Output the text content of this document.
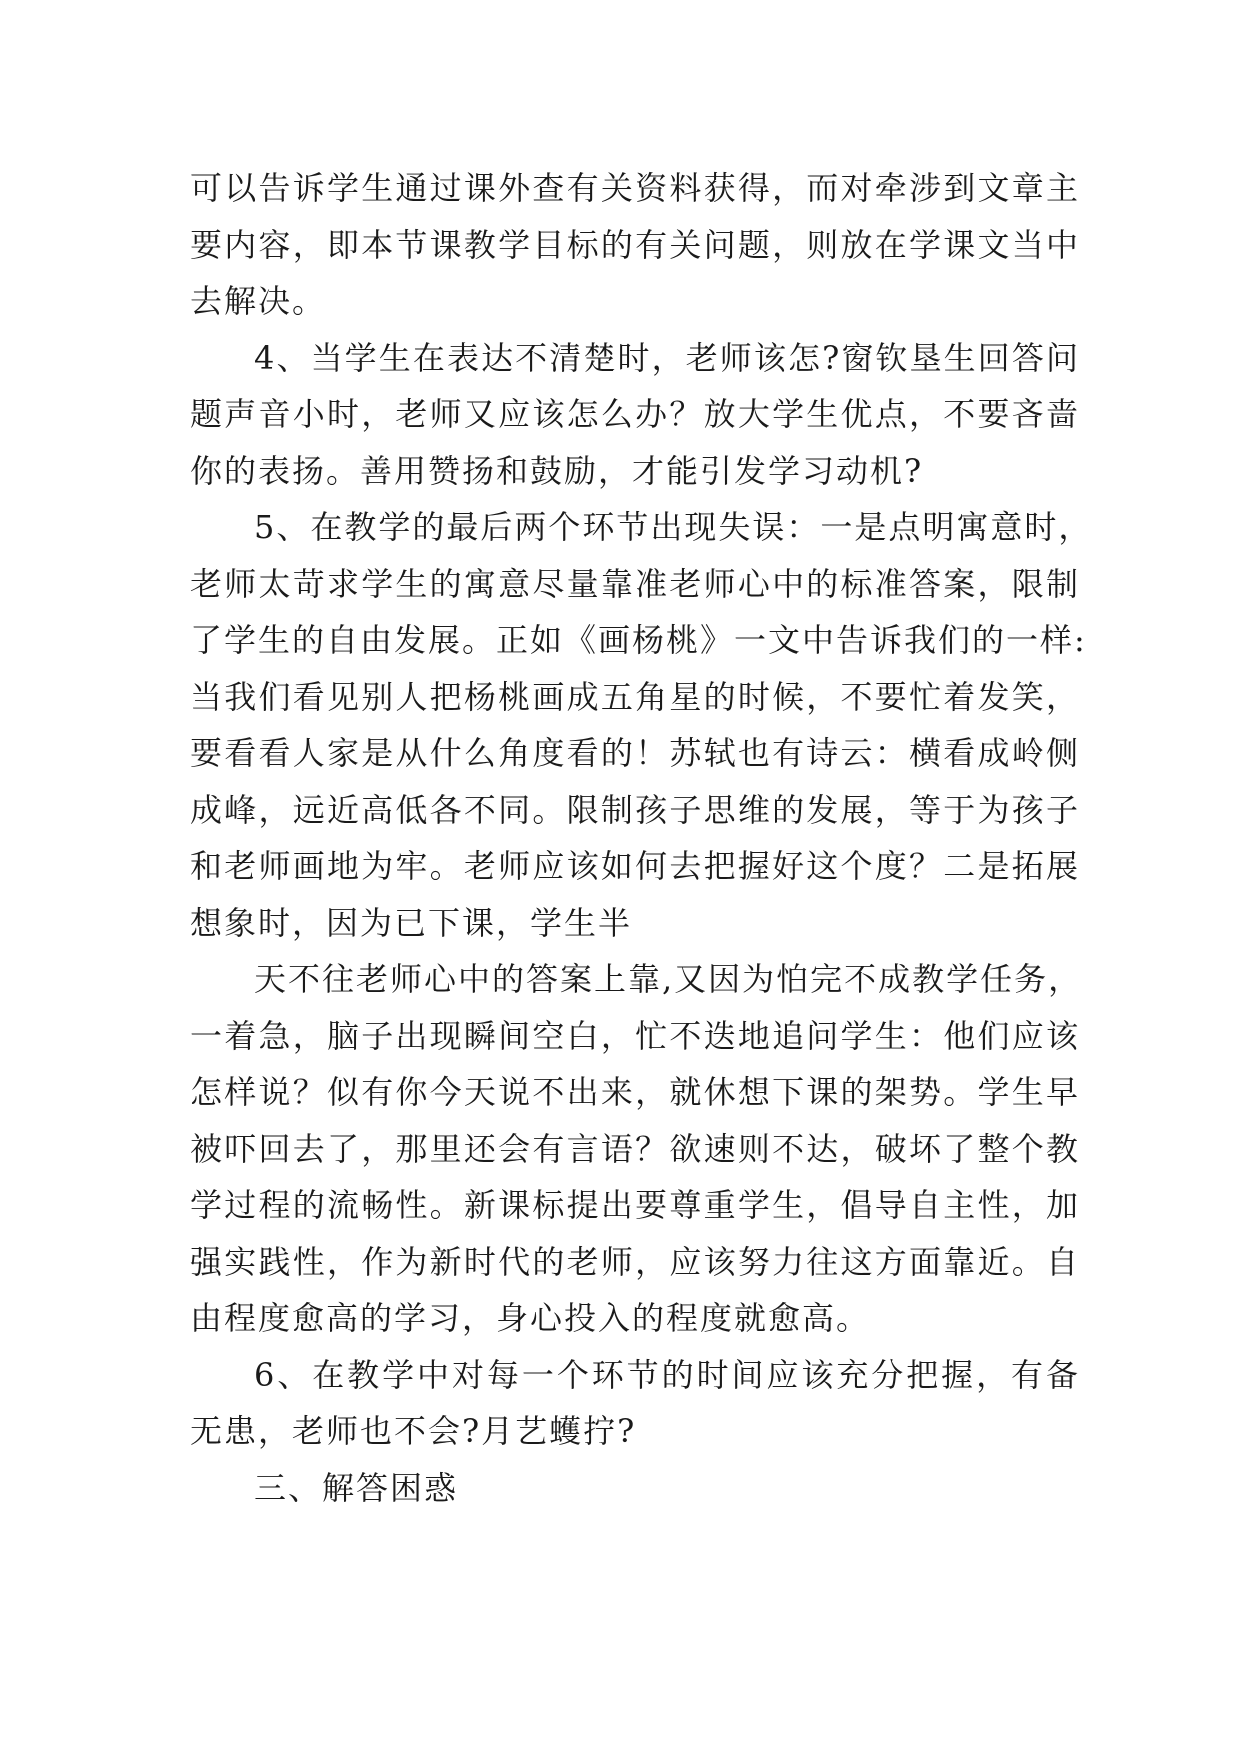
可以告诉学生通过课外查有关资料获得，而对牵涉到文章主
要内容，即本节课教学目标的有关问题，则放在学课文当中
去解决。
4、当学生在表达不清楚时，老师该怎?窗钦垦生回答问
题声音小时，老师又应该怎么办？放大学生优点，不要吝啬
你的表扬。善用赞扬和鼓励，才能引发学习动机?
5、在教学的最后两个环节出现失误：一是点明寓意时，
老师太苛求学生的寓意尽量靠准老师心中的标准答案，限制
了学生的自由发展。正如《画杨桃》一文中告诉我们的一样:
当我们看见别人把杨桃画成五角星的时候，不要忙着发笑，
要看看人家是从什么角度看的！苏轼也有诗云：横看成岭侧
成峰，远近高低各不同。限制孩子思维的发展，等于为孩子
和老师画地为牢。老师应该如何去把握好这个度？二是拓展
想象时，因为已下课，学生半
天不往老师心中的答案上靠,又因为怕完不成教学任务，
一着急，脑子出现瞬间空白，忙不迭地追问学生：他们应该
怎样说？似有你今天说不出来，就休想下课的架势。学生早
被吓回去了，那里还会有言语？欲速则不达，破坏了整个教
学过程的流畅性。新课标提出要尊重学生，倡导自主性，加
强实践性，作为新时代的老师，应该努力往这方面靠近。自
由程度愈高的学习，身心投入的程度就愈高。
6、在教学中对每一个环节的时间应该充分把握，有备
无患，老师也不会?月艺蠖拧?
三、解答困惑
